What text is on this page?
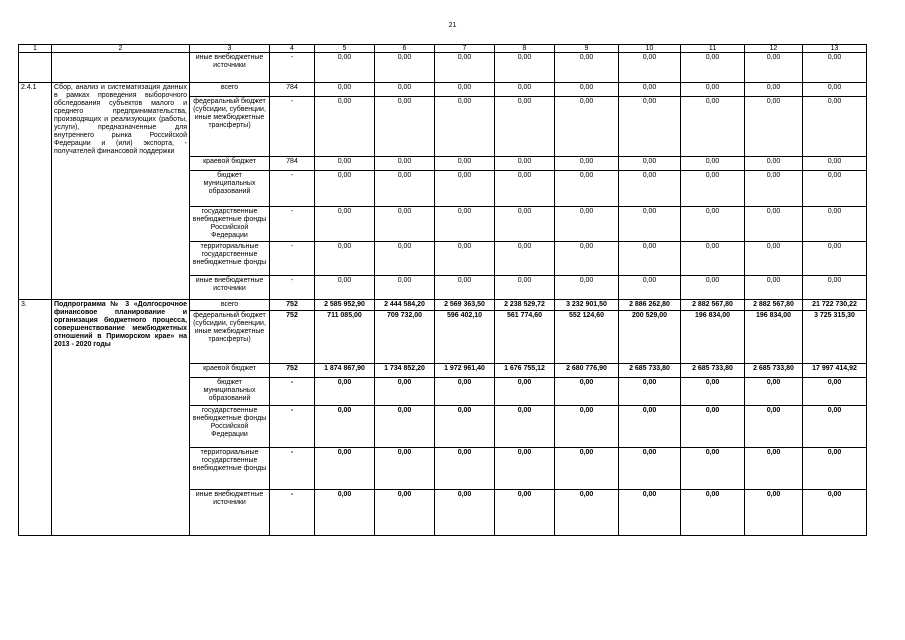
21
1	2	3	4	5	6	7	8	9	10	11	12	13
		иные внебюджетные источники	-	0,00	0,00	0,00	0,00	0,00	0,00	0,00	0,00	0,00
2.4.1	Сбор, анализ и систематизация данных в рамках проведения выборочного обследования субъектов малого и среднего предпринимательства, производящих и реализующих (работы, услуги), предназначенные для внутреннего рынка Российской Федерации и (или) экспорта, - получателей финансовой поддержки	всего	784	0,00	0,00	0,00	0,00	0,00	0,00	0,00	0,00	0,00
		федеральный бюджет (субсидии, субвенции, иные межбюджетные трансферты)	-	0,00	0,00	0,00	0,00	0,00	0,00	0,00	0,00	0,00
		краевой бюджет	784	0,00	0,00	0,00	0,00	0,00	0,00	0,00	0,00	0,00
		бюджет муниципальных образований	-	0,00	0,00	0,00	0,00	0,00	0,00	0,00	0,00	0,00
		государственные внебюджетные фонды Российской Федерации	-	0,00	0,00	0,00	0,00	0,00	0,00	0,00	0,00	0,00
		территориальные государственные внебюджетные фонды	-	0,00	0,00	0,00	0,00	0,00	0,00	0,00	0,00	0,00
		иные внебюджетные источники	-	0,00	0,00	0,00	0,00	0,00	0,00	0,00	0,00	0,00
3.	Подпрограмма № 3 «Долгосрочное финансовое планирование и организация бюджетного процесса, совершенствование межбюджетных отношений в Приморском крае» на 2013 - 2020 годы	всего	752	2 585 952,90	2 444 584,20	2 569 363,50	2 238 529,72	3 232 901,50	2 886 262,80	2 882 567,80	2 882 567,80	21 722 730,22
		федеральный бюджет (субсидии, субвенции, иные межбюджетные трансферты)	752	711 085,00	709 732,00	596 402,10	561 774,60	552 124,60	200 529,00	196 834,00	196 834,00	3 725 315,30
		краевой бюджет	752	1 874 867,90	1 734 852,20	1 972 961,40	1 676 755,12	2 680 776,90	2 685 733,80	2 685 733,80	2 685 733,80	17 997 414,92
		бюджет муниципальных образований	-	0,00	0,00	0,00	0,00	0,00	0,00	0,00	0,00	0,00
		государственные внебюджетные фонды Российской Федерации	-	0,00	0,00	0,00	0,00	0,00	0,00	0,00	0,00	0,00
		территориальные государственные внебюджетные фонды	-	0,00	0,00	0,00	0,00	0,00	0,00	0,00	0,00	0,00
		иные внебюджетные источники	-	0,00	0,00	0,00	0,00	0,00	0,00	0,00	0,00	0,00
